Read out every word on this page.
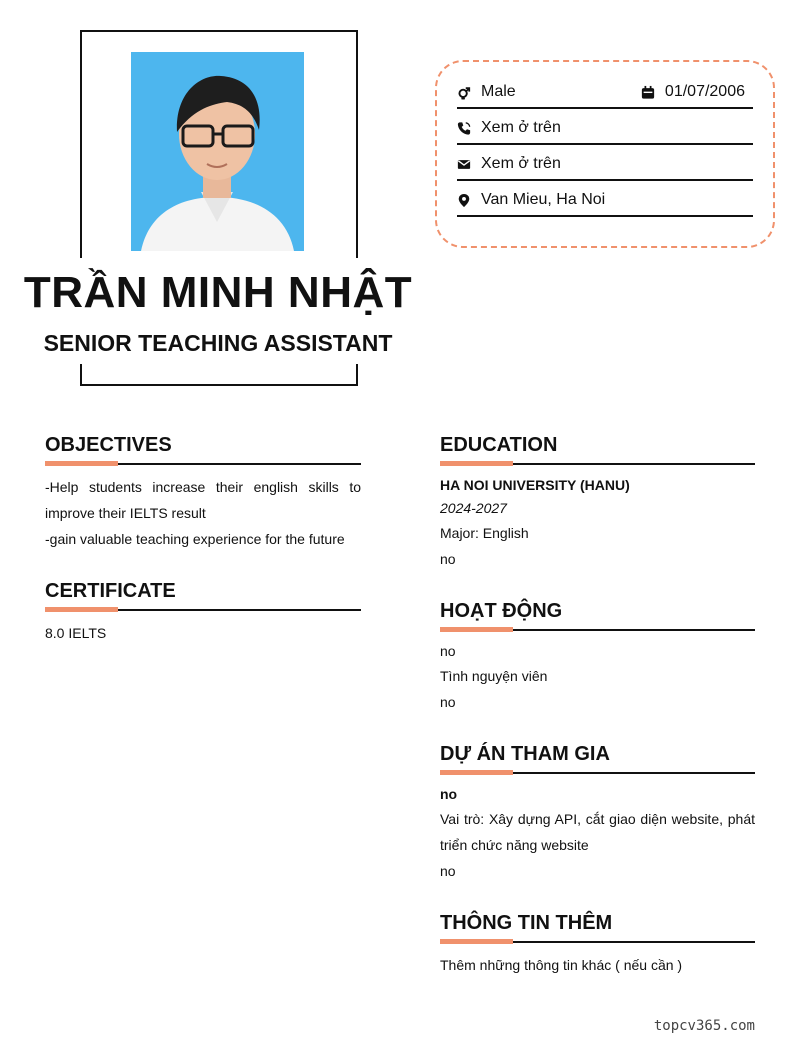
TRẦN MINH NHẬT
SENIOR TEACHING ASSISTANT
Male	01/07/2006
Xem ở trên
Xem ở trên
Van Mieu, Ha Noi
OBJECTIVES
-Help students increase their english skills to improve their IELTS result
-gain valuable teaching experience for the future
CERTIFICATE
8.0 IELTS
EDUCATION
HA NOI UNIVERSITY (HANU)
2024-2027
Major: English
no
HOẠT ĐỘNG
no
Tình nguyện viên
no
DỰ ÁN THAM GIA
no
Vai trò: Xây dựng API, cắt giao diện website, phát triển chức năng website
no
THÔNG TIN THÊM
Thêm những thông tin khác ( nếu cần )
topcv365.com
